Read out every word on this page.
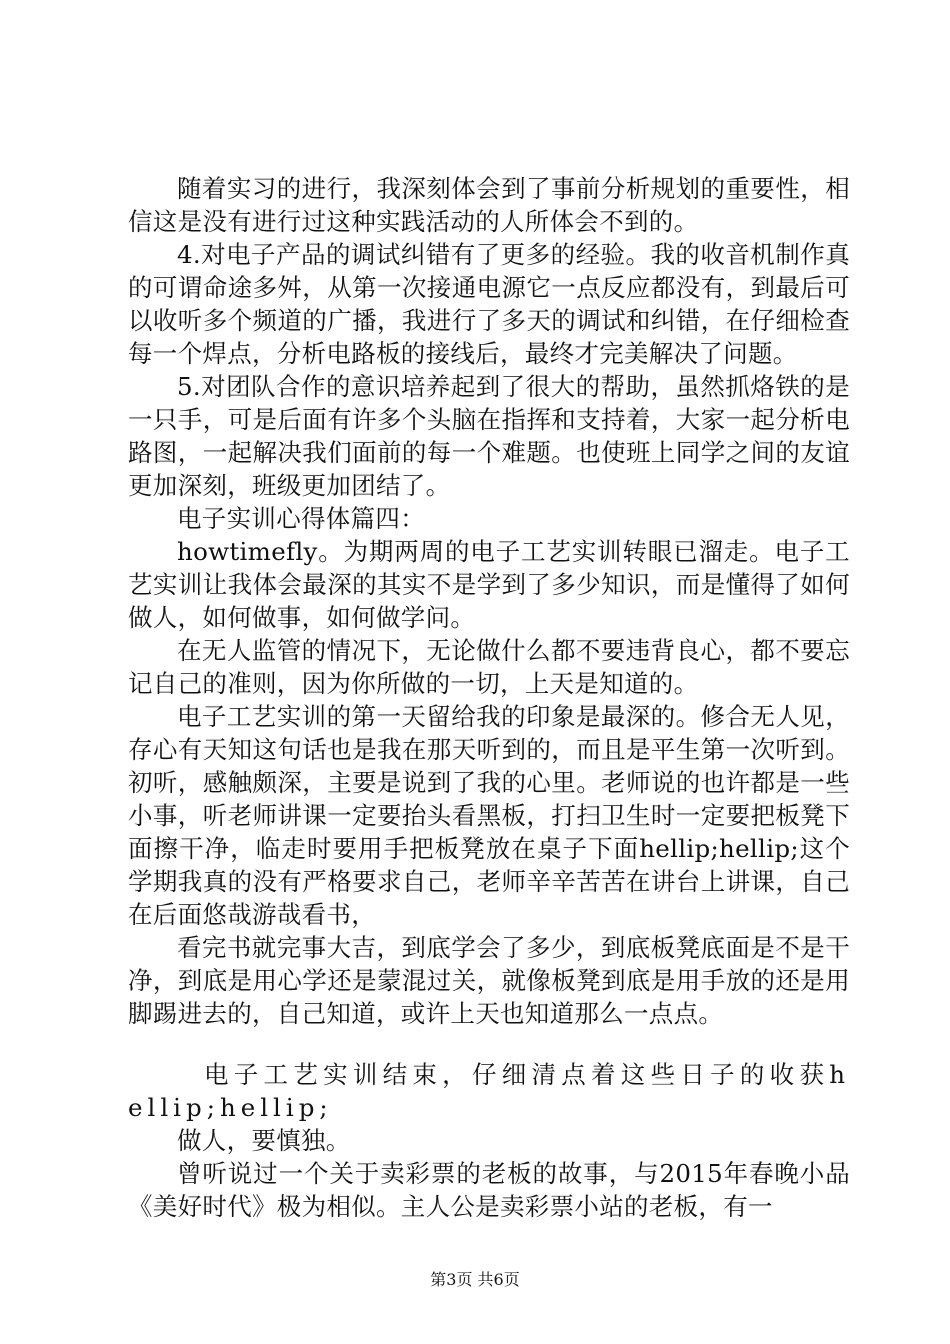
随着实习的进行，我深刻体会到了事前分析规划的重要性，相信这是没有进行过这种实践活动的人所体会不到的。

4.对电子产品的调试纠错有了更多的经验。我的收音机制作真的可谓命途多舛，从第一次接通电源它一点反应都没有，到最后可以收听多个频道的广播，我进行了多天的调试和纠错，在仔细检查每一个焊点，分析电路板的接线后，最终才完美解决了问题。

5.对团队合作的意识培养起到了很大的帮助，虽然抓烙铁的是一只手，可是后面有许多个头脑在指挥和支持着，大家一起分析电路图，一起解决我们面前的每一个难题。也使班上同学之间的友谊更加深刻，班级更加团结了。

电子实训心得体篇四：

howtimefly。为期两周的电子工艺实训转眼已溜走。电子工艺实训让我体会最深的其实不是学到了多少知识，而是懂得了如何做人，如何做事，如何做学问。

在无人监管的情况下，无论做什么都不要违背良心，都不要忘记自己的准则，因为你所做的一切，上天是知道的。

电子工艺实训的第一天留给我的印象是最深的。修合无人见，存心有天知这句话也是我在那天听到的，而且是平生第一次听到。初听，感触颇深，主要是说到了我的心里。老师说的也许都是一些小事，听老师讲课一定要抬头看黑板，打扫卫生时一定要把板凳下面擦干净，临走时要用手把板凳放在桌子下面hellip;hellip;这个学期我真的没有严格要求自己，老师辛辛苦苦在讲台上讲课，自己在后面悠哉游哉看书，

看完书就完事大吉，到底学会了多少，到底板凳底面是不是干净，到底是用心学还是蒙混过关，就像板凳到底是用手放的还是用脚踢进去的，自己知道，或许上天也知道那么一点点。

电子工艺实训结束，仔细清点着这些日子的收获hellip;hellip;

做人，要慎独。

曾听说过一个关于卖彩票的老板的故事，与2015年春晚小品《美好时代》极为相似。主人公是卖彩票小站的老板，有一

第3页 共6页
